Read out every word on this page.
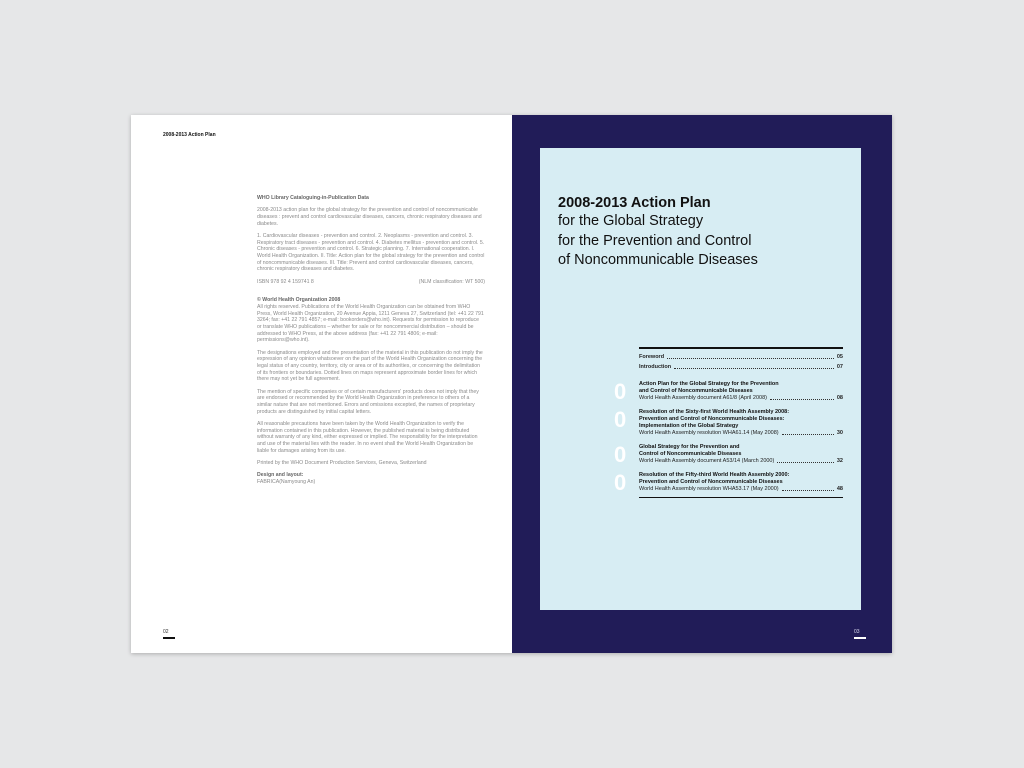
2008-2013 Action Plan

WHO Library Cataloguing-in-Publication Data

2008-2013 action plan for the global strategy for the prevention and control of noncommunicable diseases : prevent and control cardiovascular diseases, cancers, chronic respiratory diseases and diabetes.

1. Cardiovascular diseases - prevention and control. 2. Neoplasms - prevention and control. 3. Respiratory tract diseases - prevention and control. 4. Diabetes mellitus - prevention and control. 5. Chronic diseases - prevention and control. 6. Strategic planning. 7. International cooperation. I. World Health Organization. II. Title: Action plan for the global strategy for the prevention and control of noncommunicable diseases. III. Title: Prevent and control cardiovascular diseases, cancers, chronic respiratory diseases and diabetes.

ISBN 978 92 4 159741 8	(NLM classification: WT 500)

© World Health Organization 2008

All rights reserved. Publications of the World Health Organization can be obtained from WHO Press, World Health Organization, 20 Avenue Appia, 1211 Geneva 27, Switzerland (tel: +41 22 791 3264; fax: +41 22 791 4857; e-mail: bookorders@who.int). Requests for permission to reproduce or translate WHO publications – whether for sale or for noncommercial distribution – should be addressed to WHO Press, at the above address (fax: +41 22 791 4806; e-mail: permissions@who.int).

The designations employed and the presentation of the material in this publication do not imply the expression of any opinion whatsoever on the part of the World Health Organization concerning the legal status of any country, territory, city or area or of its authorities, or concerning the delimitation of its frontiers or boundaries. Dotted lines on maps represent approximate border lines for which there may not yet be full agreement.

The mention of specific companies or of certain manufacturers' products does not imply that they are endorsed or recommended by the World Health Organization in preference to others of a similar nature that are not mentioned. Errors and omissions excepted, the names of proprietary products are distinguished by initial capital letters.

All reasonable precautions have been taken by the World Health Organization to verify the information contained in this publication. However, the published material is being distributed without warranty of any kind, either expressed or implied. The responsibility for the interpretation and use of the material lies with the reader. In no event shall the World Health Organization be liable for damages arising from its use.

Printed by the WHO Document Production Services, Geneva, Switzerland

Design and layout:

FABRICA(Namyoung An)

02
2008-2013 Action Plan
for the Global Strategy
for the Prevention and Control
of Noncommunicable Diseases
Foreword	05
Introduction	07
0 Action Plan for the Global Strategy for the Prevention
and Control of Noncommunicable Diseases
World Health Assembly document A61/8 (April 2008)	08
0 Resolution of the Sixty-first World Health Assembly 2008:
Prevention and Control of Noncommunicable Diseases:
Implementation of the Global Strategy
World Health Assembly resolution WHA61.14 (May 2008)	30
0 Global Strategy for the Prevention and
Control of Noncommunicable Diseases
World Health Assembly document A53/14 (March 2000)	32
0 Resolution of the Fifty-third World Health Assembly 2000:
Prevention and Control of Noncommunicable Diseases
World Health Assembly resolution WHA53.17 (May 2000)	48
03
